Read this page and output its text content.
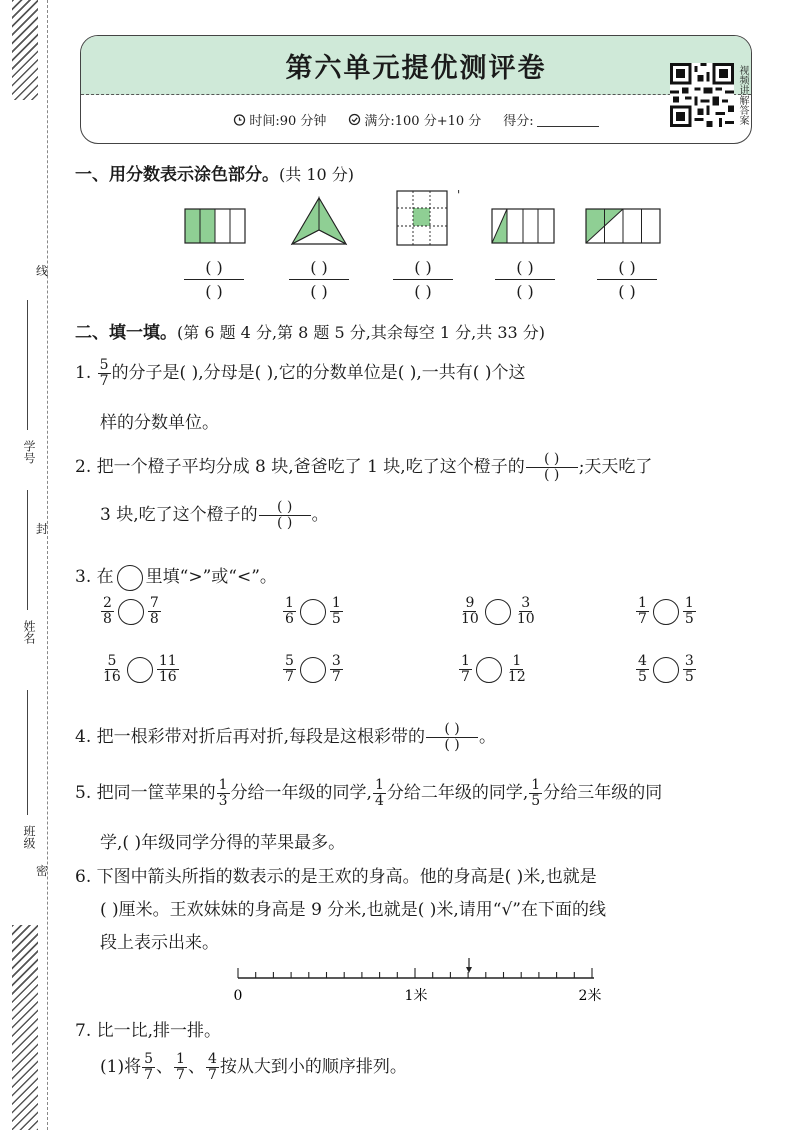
线
封
密
学号
姓名
班级
第六单元提优测评卷
时间:90 分钟	满分:100 分+10 分 得分:	视频讲解答案
一、用分数表示涂色部分。(共 10 分)
'
( )
( )
( )
( )
( )
( )
( )
( )
( )
( )
二、填一填。(第 6 题 4 分,第 8 题 5 分,其余每空 1 分,共 33 分)
1. $\frac{5}{7}$ 的分子是( ),分母是( ),它的分数单位是( ),一共有( )个这
样的分数单位。
2. 把一个橙子平均分成 8 块,爸爸吃了 1 块,吃了这个橙子的 $\frac{( )}{( )}$ ;天天吃了
3 块,吃了这个橙子的 $\frac{( )}{( )}$ 。
3. 在 里填“>”或“<”。
$\frac{2}{8} \frac{7}{8}$	$\frac{1}{6} \frac{1}{5}$	$\frac{9}{10} \frac{3}{10}$	$\frac{1}{7} \frac{1}{5}$
$\frac{5}{16} \frac{11}{16}$	$\frac{5}{7} \frac{3}{7}$	$\frac{1}{7} \frac{1}{12}$	$\frac{4}{5} \frac{3}{5}$
4. 把一根彩带对折后再对折,每段是这根彩带的 $\frac{( )}{( )}$ 。
5. 把同一筐苹果的 $\frac{1}{3}$ 分给一年级的同学, $\frac{1}{4}$ 分给二年级的同学, $\frac{1}{5}$ 分给三年级的同
学,( )年级同学分得的苹果最多。
6. 下图中箭头所指的数表示的是王欢的身高。他的身高是( )米,也就是
( )厘米。王欢妹妹的身高是 9 分米,也就是( )米,请用“√”在下面的线
段上表示出来。
0	1米	2米
7. 比一比,排一排。
(1)将 $\frac{5}{7}$ 、 $\frac{1}{7}$ 、 $\frac{4}{7}$ 按从大到小的顺序排列。
